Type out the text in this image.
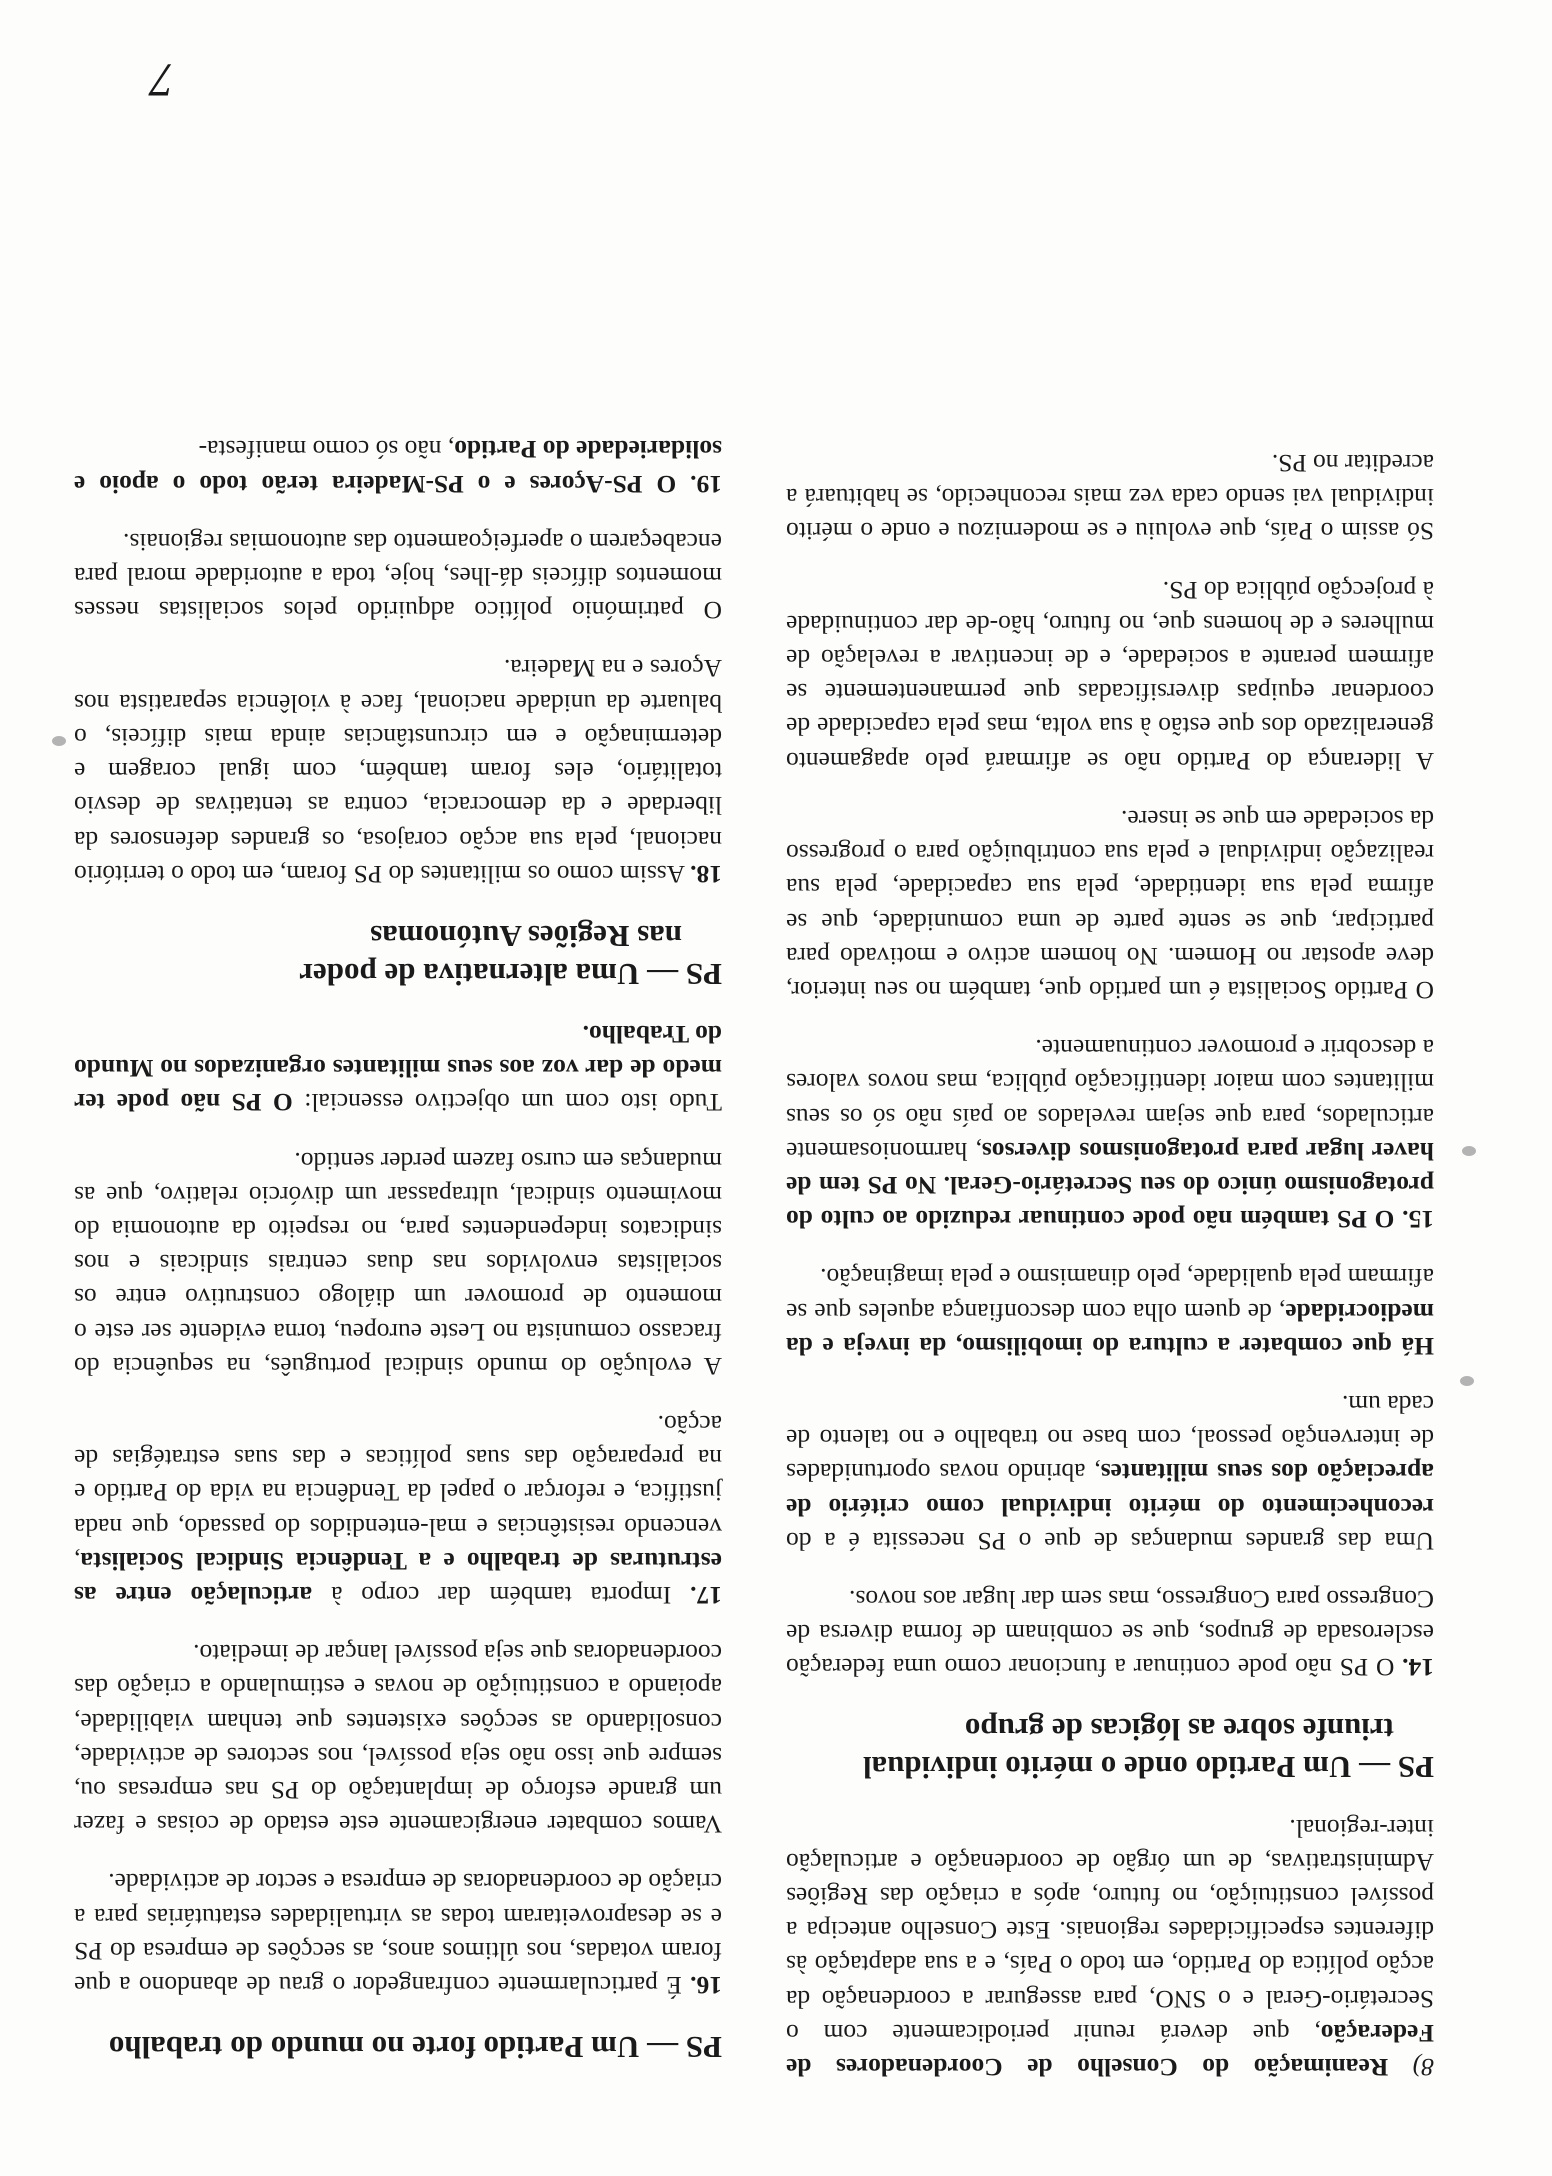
8) Reanimação do Conselho de Coordenadores de Federação, que deverá reunir periodicamente com o Secretário-Geral e o SNO, para assegurar a coordenação da acção política do Partido, em todo o País, e a sua adaptação às diferentes especificidades regionais. Este Conselho antecipa a possível constituição, no futuro, após a criação das Regiões Administrativas, de um órgão de coordenação e articulação inter-regional.

PS — Um Partido onde o mérito individual
triunfe sobre as lógicas de grupo

14. O PS não pode continuar a funcionar como uma federação esclerosada de grupos, que se combinam de forma diversa de Congresso para Congresso, mas sem dar lugar aos novos.

Uma das grandes mudanças de que o PS necessita é a do reconhecimento do mérito individual como critério de apreciação dos seus militantes, abrindo novas oportunidades de intervenção pessoal, com base no trabalho e no talento de cada um.

Há que combater a cultura do imobilismo, da inveja e da mediocridade, de quem olha com desconfiança aqueles que se afirmam pela qualidade, pelo dinamismo e pela imaginação.

15. O PS também não pode continuar reduzido ao culto do protagonismo único do seu Secretário-Geral. No PS tem de haver lugar para protagonismos diversos, harmoniosamente articulados, para que sejam revelados ao país não só os seus militantes com maior identificação pública, mas novos valores a descobrir e promover continuamente.

O Partido Socialista é um partido que, também no seu interior, deve apostar no Homem. No homem activo e motivado para participar, que se sente parte de uma comunidade, que se afirma pela sua identidade, pela sua capacidade, pela sua realização individual e pela sua contribuição para o progresso da sociedade em que se insere.

A liderança do Partido não se afirmará pelo apagamento generalizado dos que estão à sua volta, mas pela capacidade de coordenar equipas diversificadas que permanentemente se afirmem perante a sociedade, e de incentivar a revelação de mulheres e de homens que, no futuro, hão-de dar continuidade à projecção pública do PS.

Só assim o País, que evoluiu e se modernizou e onde o mérito individual vai sendo cada vez mais reconhecido, se habituará a acreditar no PS.

PS — Um Partido forte no mundo do trabalho

16. É particularmente confrangedor o grau de abandono a que foram votadas, nos últimos anos, as secções de empresa do PS e se desaproveitaram todas as virtualidades estatutárias para a criação de coordenadoras de empresa e sector de actividade.

Vamos combater energicamente este estado de coisas e fazer um grande esforço de implantação do PS nas empresas ou, sempre que isso não seja possível, nos sectores de actividade, consolidando as secções existentes que tenham viabilidade, apoiando a constituição de novas e estimulando a criação das coordenadoras que seja possível lançar de imediato.

17. Importa também dar corpo à articulação entre as estruturas de trabalho e a Tendência Sindical Socialista, vencendo resistências e mal-entendidos do passado, que nada justifica, e reforçar o papel da Tendência na vida do Partido e na preparação das suas políticas e das suas estratégias de acção.

A evolução do mundo sindical português, na sequência do fracasso comunista no Leste europeu, torna evidente ser este o momento de promover um diálogo construtivo entre os socialistas envolvidos nas duas centrais sindicais e nos sindicatos independentes para, no respeito da autonomia do movimento sindical, ultrapassar um divórcio relativo, que as mudanças em curso fazem perder sentido.

Tudo isto com um objectivo essencial: O PS não pode ter medo de dar voz aos seus militantes organizados no Mundo do Trabalho.

PS — Uma alternativa de poder
nas Regiões Autónomas

18. Assim como os militantes do PS foram, em todo o território nacional, pela sua acção corajosa, os grandes defensores da liberdade e da democracia, contra as tentativas de desvio totalitário, eles foram também, com igual coragem e determinação e em circunstâncias ainda mais difíceis, o baluarte da unidade nacional, face à violência separatista nos Açores e na Madeira.

O património político adquirido pelos socialistas nesses momentos difíceis dá-lhes, hoje, toda a autoridade moral para encabeçarem o aperfeiçoamento das autonomias regionais.

19. O PS-Açores e o PS-Madeira terão todo o apoio e solidariedade do Partido, não só como manifesta-

7
